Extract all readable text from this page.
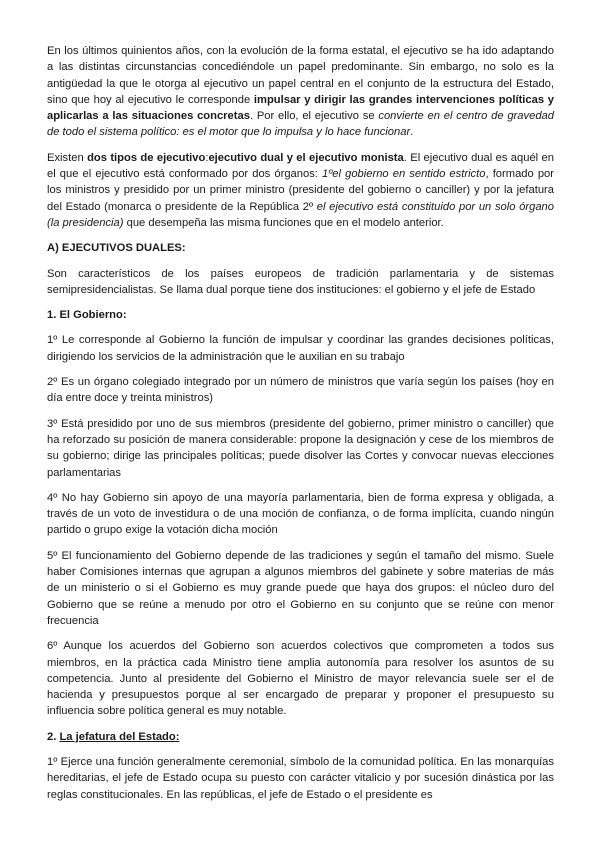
En los últimos quinientos años, con la evolución de la forma estatal, el ejecutivo se ha ido adaptando a las distintas circunstancias concediéndole un papel predominante. Sin embargo, no solo es la antigüedad la que le otorga al ejecutivo un papel central en el conjunto de la estructura del Estado, sino que hoy al ejecutivo le corresponde impulsar y dirigir las grandes intervenciones políticas y aplicarlas a las situaciones concretas. Por ello, el ejecutivo se convierte en el centro de gravedad de todo el sistema político: es el motor que lo impulsa y lo hace funcionar.

Existen dos tipos de ejecutivo:ejecutivo dual y el ejecutivo monista. El ejecutivo dual es aquél en el que el ejecutivo está conformado por dos órganos: 1ºel gobierno en sentido estricto, formado por los ministros y presidido por un primer ministro (presidente del gobierno o canciller) y por la jefatura del Estado (monarca o presidente de la República 2º el ejecutivo está constituido por un solo órgano (la presidencia) que desempeña las misma funciones que en el modelo anterior.

A) EJECUTIVOS DUALES:

Son característicos de los países europeos de tradición parlamentaria y de sistemas semipresidencialistas. Se llama dual porque tiene dos instituciones: el gobierno y el jefe de Estado

1. El Gobierno:

1º Le corresponde al Gobierno la función de impulsar y coordinar las grandes decisiones políticas, dirigiendo los servicios de la administración que le auxilian en su trabajo

2º Es un órgano colegiado integrado por un número de ministros que varía según los países (hoy en día entre doce y treinta ministros)

3º Está presidido por uno de sus miembros (presidente del gobierno, primer ministro o canciller) que ha reforzado su posición de manera considerable: propone la designación y cese de los miembros de su gobierno; dirige las principales políticas; puede disolver las Cortes y convocar nuevas elecciones parlamentarias

4º No hay Gobierno sin apoyo de una mayoría parlamentaria, bien de forma expresa y obligada, a través de un voto de investidura o de una moción de confianza, o de forma implícita, cuando ningún partido o grupo exige la votación dicha moción

5º El funcionamiento del Gobierno depende de las tradiciones y según el tamaño del mismo. Suele haber Comisiones internas que agrupan a algunos miembros del gabinete y sobre materias de más de un ministerio o si el Gobierno es muy grande puede que haya dos grupos: el núcleo duro del Gobierno que se reúne a menudo por otro el Gobierno en su conjunto que se reúne con menor frecuencia

6º Aunque los acuerdos del Gobierno son acuerdos colectivos que comprometen a todos sus miembros, en la práctica cada Ministro tiene amplia autonomía para resolver los asuntos de su competencia. Junto al presidente del Gobierno el Ministro de mayor relevancia suele ser el de hacienda y presupuestos porque al ser encargado de preparar y proponer el presupuesto su influencia sobre política general es muy notable.

2. La jefatura del Estado:

1º Ejerce una función generalmente ceremonial, símbolo de la comunidad política. En las monarquías hereditarias, el jefe de Estado ocupa su puesto con carácter vitalicio y por sucesión dinástica por las reglas constitucionales. En las repúblicas, el jefe de Estado o el presidente es
